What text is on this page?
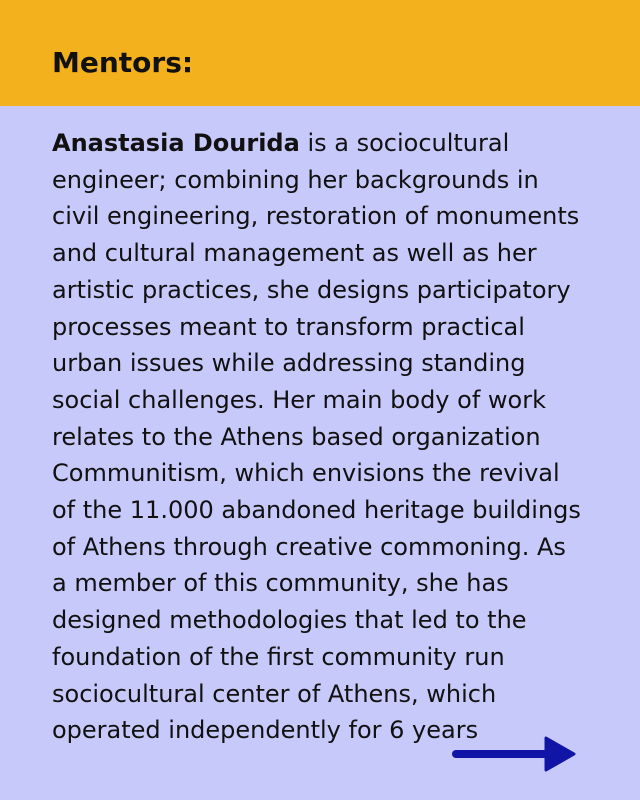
Mentors:
Anastasia Dourida is a sociocultural
engineer; combining her backgrounds in
civil engineering, restoration of monuments
and cultural management as well as her
artistic practices, she designs participatory
processes meant to transform practical
urban issues while addressing standing
social challenges. Her main body of work
relates to the Athens based organization
Communitism, which envisions the revival
of the 11.000 abandoned heritage buildings
of Athens through creative commoning. As
a member of this community, she has
designed methodologies that led to the
foundation of the first community run
sociocultural center of Athens, which
operated independently for 6 years
